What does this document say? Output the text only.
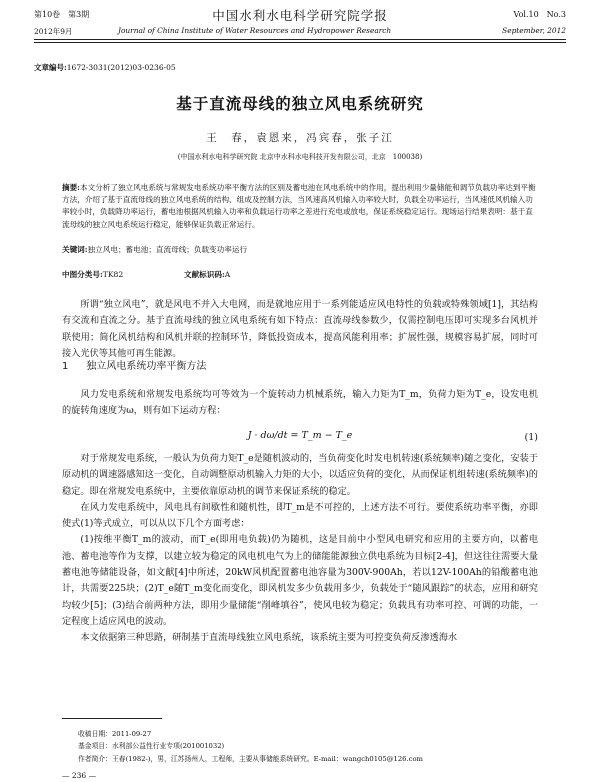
第10卷　第3期	中国水利水电科学研究院学报	Vol.10　No.3
2012年9月	Journal of China Institute of Water Resources and Hydropower Research	September, 2012
文章编号:1672-3031(2012)03-0236-05
基于直流母线的独立风电系统研究
王　春，袁恩来，冯宾春，张子江
(中国水利水电科学研究院 北京中水科水电科技开发有限公司，北京　100038)
摘要:本文分析了独立风电系统与常规发电系统功率平衡方法的区别及蓄电池在风电系统中的作用，提出利用少量储能和调节负载功率达到平衡方法，介绍了基于直流母线的独立风电系统的结构、组成及控制方法，当风速高风机输入功率较大时，负载全功率运行，当风速低风机输入功率较小时，负载降功率运行，蓄电池根据风机输入功率和负载运行功率之差进行充电或放电，保证系统稳定运行。现场运行结果表明：基于直流母线的独立风电系统运行稳定，能够保证负载正常运行。
关键词:独立风电；蓄电池；直流母线；负载变功率运行
中图分类号:TK82	文献标识码:A

所谓“独立风电”，就是风电不并入大电网，而是就地应用于一系列能适应风电特性的负载或特殊领域[1]，其结构有交流和直流之分。基于直流母线的独立风电系统有如下特点：直流母线参数少，仅需控制电压即可实现多台风机并联使用；简化风机结构和风机并联的控制环节，降低投资成本，提高风能利用率；扩展性强，规模容易扩展，同时可接入光伏等其他可再生能源。

1 独立风电系统功率平衡方法

风力发电系统和常规发电系统均可等效为一个旋转动力机械系统，输入力矩为T_m，负荷力矩为T_e，设发电机的旋转角速度为ω，则有如下运动方程：

J · dω/dt = T_m − T_e	(1)

对于常规发电系统，一般认为负荷力矩T_e是随机波动的，当负荷变化时发电机转速(系统频率)随之变化，安装于原动机的调速器感知这一变化，自动调整原动机输入力矩的大小，以适应负荷的变化，从而保证机组转速(系统频率)的稳定。即在常规发电系统中，主要依靠原动机的调节来保证系统的稳定。

在风力发电系统中，风电具有间歇性和随机性，即T_m是不可控的，上述方法不可行。要使系统功率平衡，亦即使式(1)等式成立，可以从以下几个方面考虑：

(1)按维平衡T_m的波动，而T_e(即用电负载)仍为随机，这是目前中小型风电研究和应用的主要方向，以蓄电池、蓄电池等作为支撑，以建立较为稳定的风电机电气为上的储能能源独立供电系统为目标[2-4]，但这往往需要大量蓄电池等储能设备，如文献[4]中所述，20kW风机配置蓄电池容量为300V-900Ah，若以12V-100Ah的铅酸蓄电池计，共需要225块；(2)T_e随T_m变化而变化，即风机发多少负载用多少，负载处于“随风跟踪”的状态，应用和研究均较少[5]；(3)结合前两种方法，即用少量储能“削峰填谷”，使风电较为稳定；负载具有功率可控、可调的功能，一定程度上适应风电的波动。

本文依据第三种思路，研制基于直流母线独立风电系统，该系统主要为可控变负荷反渗透海水

收稿日期：2011-09-27
基金项目：水利部公益性行业专项(201001032)
作者简介：王春(1982-)，男，江苏扬州人，工程师，主要从事储能系统研究。E-mail：wangch0105@126.com
— 236 —
